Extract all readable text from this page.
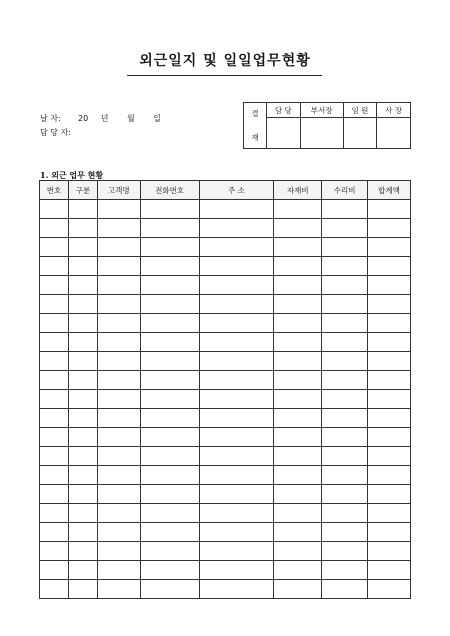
외근일지 및 일일업무현황
날 자: 20 년 월 일
담 당 자:
결
재	담 당	부서장	임 원	사 장

1. 외근 업무 현황
번호	구분	고객명	전화번호	주 소	자재비	수리비	합계액
